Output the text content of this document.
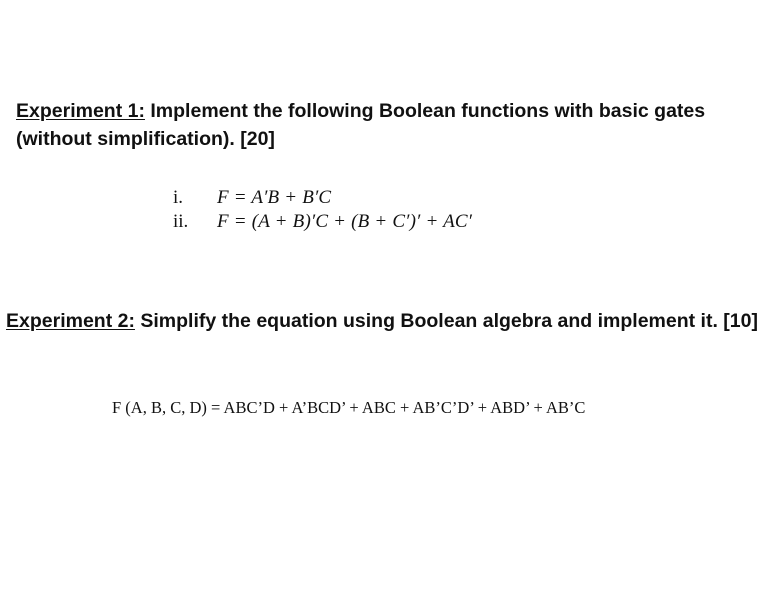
Experiment 1: Implement the following Boolean functions with basic gates
(without simplification). [20]
i.	F = A′B + B′C
ii.	F = (A + B)′C + (B + C′)′ + AC′
Experiment 2: Simplify the equation using Boolean algebra and implement it. [10]
F (A, B, C, D) = ABC’D + A’BCD’ + ABC + AB’C’D’ + ABD’ + AB’C
